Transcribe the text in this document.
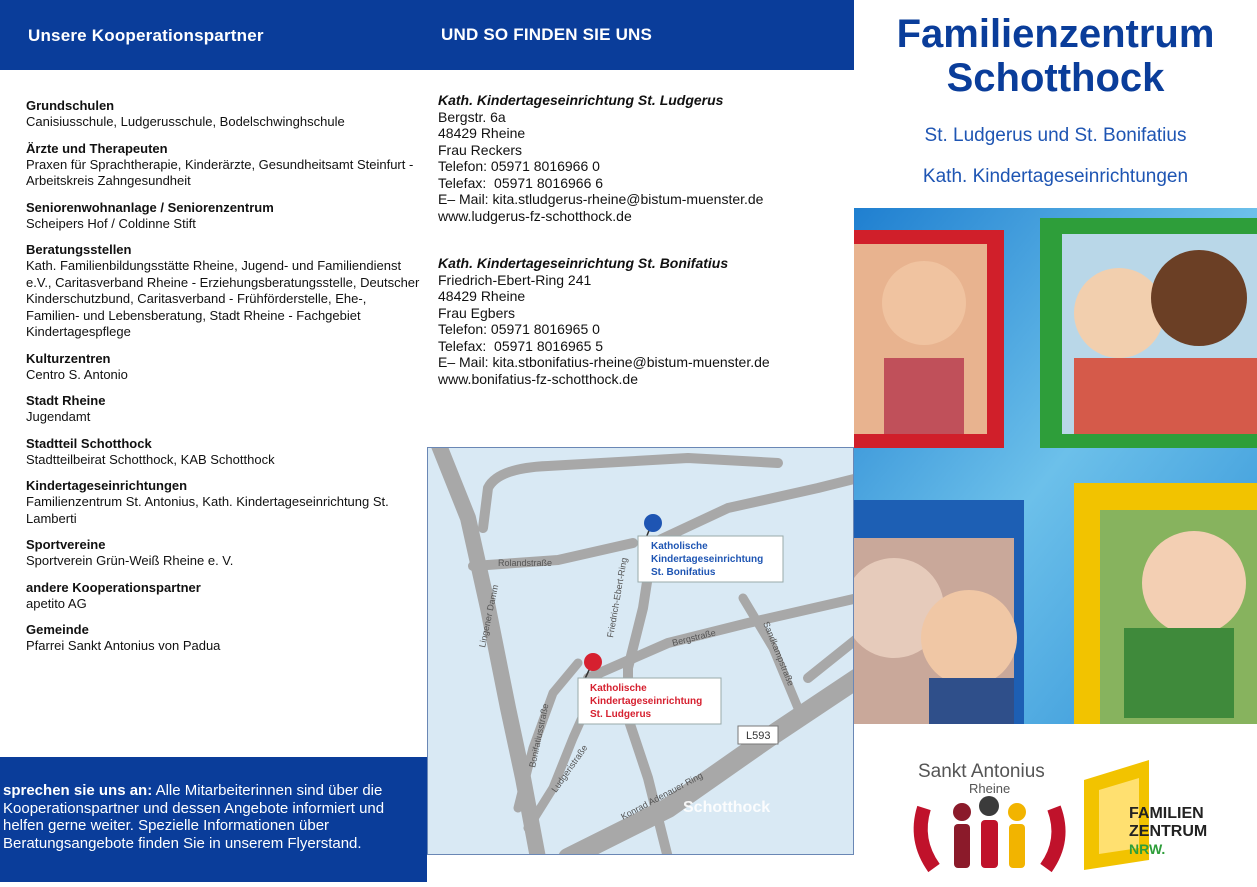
Unsere Kooperationspartner	UND SO FINDEN SIE UNS
Grundschulen
Canisiusschule, Ludgerusschule, Bodelschwinghschule
Ärzte und Therapeuten
Praxen für Sprachtherapie, Kinderärzte, Gesundheitsamt Steinfurt - Arbeitskreis Zahngesundheit
Seniorenwohnanlage / Seniorenzentrum
Scheipers Hof / Coldinne Stift
Beratungsstellen
Kath. Familienbildungsstätte Rheine, Jugend- und Familiendienst e.V., Caritasverband Rheine - Erziehungsberatungsstelle, Deutscher Kinderschutzbund, Caritasverband - Frühförderstelle, Ehe-, Familien- und Lebensberatung, Stadt Rheine - Fachgebiet Kindertagespflege
Kulturzentren
Centro S. Antonio
Stadt Rheine
Jugendamt
Stadtteil Schotthock
Stadtteilbeirat Schotthock, KAB Schotthock
Kindertageseinrichtungen
Familienzentrum St. Antonius, Kath. Kindertageseinrichtung St. Lamberti
Sportvereine
Sportverein Grün-Weiß Rheine e. V.
andere Kooperationspartner
apetito AG
Gemeinde
Pfarrei Sankt Antonius von Padua

sprechen sie uns an: Alle Mitarbeiterinnen sind über die Kooperationspartner und dessen Angebote informiert und helfen gerne weiter. Spezielle Informationen über Beratungsangebote finden Sie in unserem Flyerstand.

Kath. Kindertageseinrichtung St. Ludgerus
Bergstr. 6a
48429 Rheine
Frau Reckers
Telefon: 05971 8016966 0
Telefax:  05971 8016966 6
E– Mail: kita.stludgerus-rheine@bistum-muenster.de
www.ludgerus-fz-schotthock.de
Kath. Kindertageseinrichtung St. Bonifatius
Friedrich-Ebert-Ring 241
48429 Rheine
Frau Egbers
Telefon: 05971 8016965 0
Telefax:  05971 8016965 5
E– Mail: kita.stbonifatius-rheine@bistum-muenster.de
www.bonifatius-fz-schotthock.de
Rolandstraße
Lingener Damm	Friedrich-Ebert-Ring	Bergstraße	Sandkampstraße
Bonifatiusstraße
Ludgeristraße
Konrad Adenauer Ring
Schotthock
L593
Katholische
Kindertageseinrichtung
St. Bonifatius
Katholische
Kindertageseinrichtung
St. Ludgerus
Familienzentrum
Schotthock
St. Ludgerus und St. Bonifatius
Kath. Kindertageseinrichtungen
Sankt Antonius
Rheine
FAMILIEN
ZENTRUM
NRW.
